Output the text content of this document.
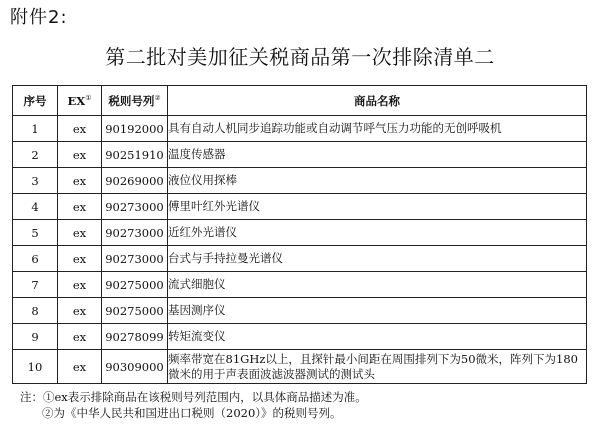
附件2:
第二批对美加征关税商品第一次排除清单二
序号	EX①	税则号列②	商品名称
1	ex	90192000	具有自动人机同步追踪功能或自动调节呼气压力功能的无创呼吸机
2	ex	90251910	温度传感器
3	ex	90269000	液位仪用探棒
4	ex	90273000	傅里叶红外光谱仪
5	ex	90273000	近红外光谱仪
6	ex	90273000	台式与手持拉曼光谱仪
7	ex	90275000	流式细胞仪
8	ex	90275000	基因测序仪
9	ex	90278099	转矩流变仪
10	ex	90309000	频率带宽在81GHz以上，且探针最小间距在周围排列下为50微米，阵列下为180微米的用于声表面波滤波器测试的测试头
注：①ex表示排除商品在该税则号列范围内，以具体商品描述为准。
②为《中华人民共和国进出口税则（2020）》的税则号列。
